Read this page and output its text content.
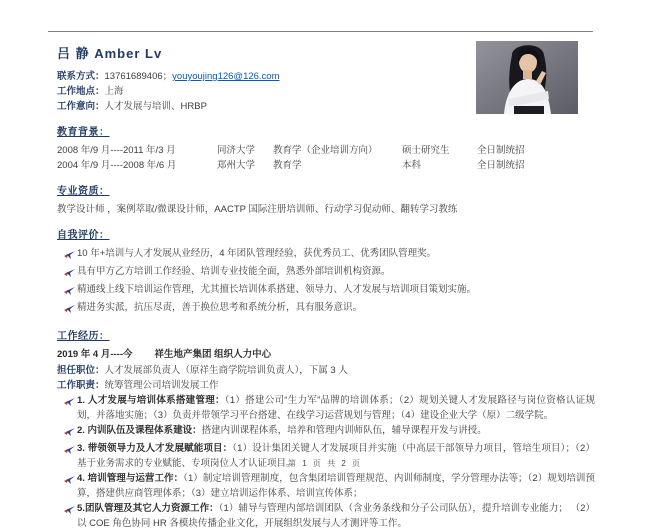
吕 静 Amber Lv

联系方式：13761689406；youyoujing126@126.com

工作地点：上海

工作意向：人才发展与培训、HRBP

教育背景：
2008 年/9 月----2011 年/3 月	同济大学	教育学（企业培训方向）	硕士研究生	全日制统招
2004 年/9 月----2008 年/6 月	郑州大学	教育学	本科	全日制统招
专业资质：

教学设计师 ，案例萃取/微课设计师，AACTP 国际注册培训师、行动学习促动师、翻转学习教练

自我评价：

10 年+培训与人才发展从业经历，4 年团队管理经验，获优秀员工、优秀团队管理奖。

具有甲方乙方培训工作经验、培训专业技能全面，熟悉外部培训机构资源。

精通线上线下培训运作管理，尤其擅长培训体系搭建、领导力、人才发展与培训项目策划实施。

精进务实派，抗压尽责，善于换位思考和系统分析，具有服务意识。

工作经历：

2019 年 4 月----今 祥生地产集团 组织人力中心

担任职位：人才发展部负责人（原祥生商学院培训负责人），下属 3 人

工作职责：统筹管理公司培训发展工作

1. 人才发展与培训体系搭建管理：（1）搭建公司“生力军”品牌的培训体系；（2）规划关键人才发展路径与岗位资格认证规划，并落地实施；（3）负责并带领学习平台搭建、在线学习运营规划与管理；（4）建设企业大学（原）二级学院。

2. 内训队伍及课程体系建设：搭建内训课程体系，培养和管理内训师队伍，辅导课程开发与讲授。

3. 带领领导力及人才发展赋能项目：（1）设计集团关键人才发展项目并实施（中高层干部领导力项目，管培生项目）；（2）基于业务需求的专业赋能、专项岗位人才认证项目。

4. 培训管理与运营工作：（1）制定培训管理制度，包含集团培训管理规范、内训师制度，学分管理办法等；（2）规划培训预算，搭建供应商管理体系；（3）建立培训运作体系、培训宣传体系；

5.团队管理及其它人力资源工作：（1）辅导与管理内部培训团队（含业务条线和分子公司队伍），提升培训专业能力； （2）以 COE 角色协同 HR 各模块传播企业文化，开展组织发展与人才测评等工作。

第 1 页 共 2 页
